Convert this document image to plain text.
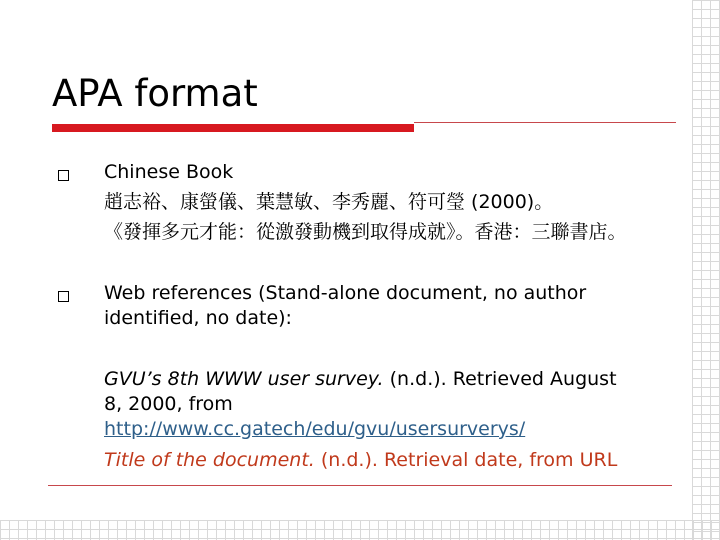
APA format
Chinese Book
趙志裕、康螢儀、葉慧敏、李秀麗、符可瑩 (2000)。
《發揮多元才能：從激發動機到取得成就》。香港：三聯書店。
Web references (Stand-alone document, no author
identified, no date):
GVU’s 8th WWW user survey. (n.d.). Retrieved August
8, 2000, from
http://www.cc.gatech/edu/gvu/usersurverys/
Title of the document. (n.d.). Retrieval date, from URL
